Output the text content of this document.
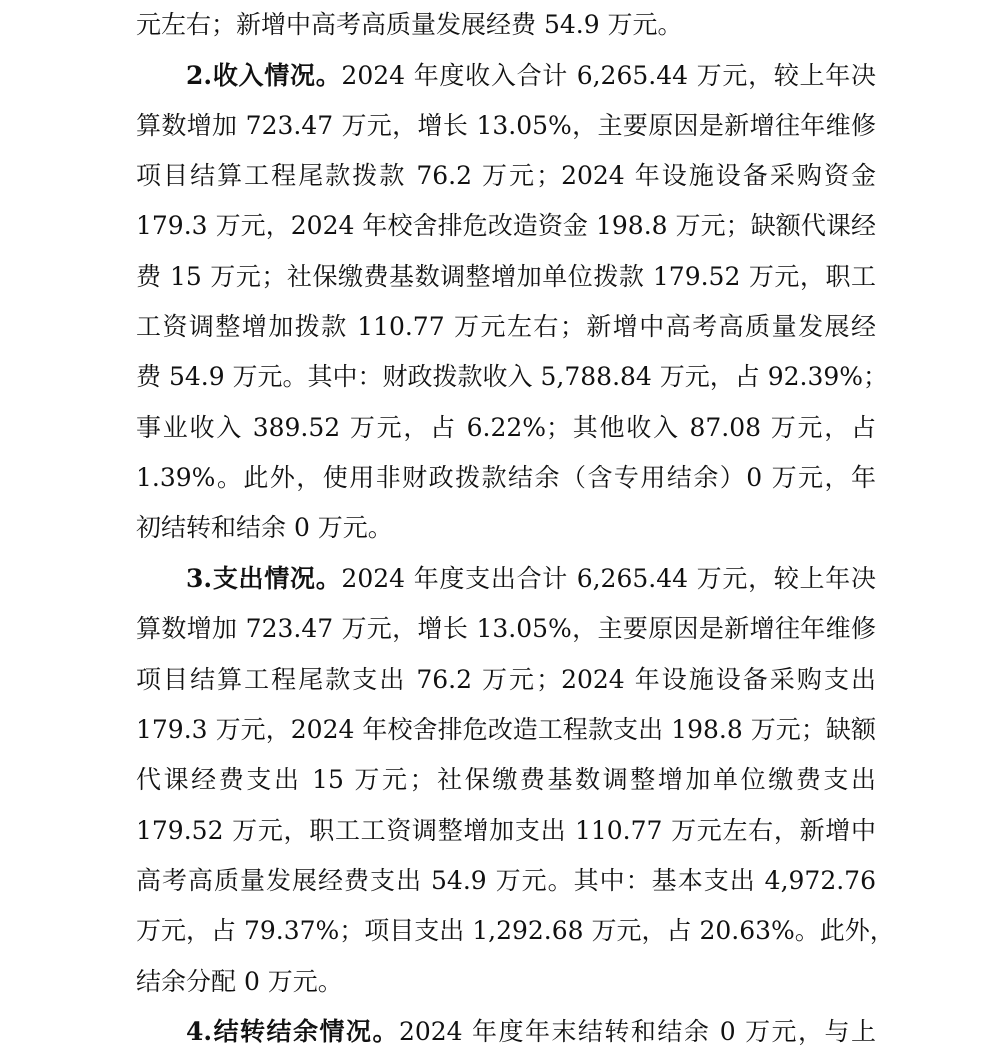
元左右；新增中高考高质量发展经费 54.9 万元。
2.收入情况。2024 年度收入合计 6,265.44 万元，较上年决
算数增加 723.47 万元，增长 13.05%，主要原因是新增往年维修
项目结算工程尾款拨款 76.2 万元；2024 年设施设备采购资金
179.3 万元，2024 年校舍排危改造资金 198.8 万元；缺额代课经
费 15 万元；社保缴费基数调整增加单位拨款 179.52 万元，职工
工资调整增加拨款 110.77 万元左右；新增中高考高质量发展经
费 54.9 万元。其中：财政拨款收入 5,788.84 万元，占 92.39%；
事业收入 389.52 万元，占 6.22%；其他收入 87.08 万元，占
1.39%。此外，使用非财政拨款结余（含专用结余）0 万元，年
初结转和结余 0 万元。
3.支出情况。2024 年度支出合计 6,265.44 万元，较上年决
算数增加 723.47 万元，增长 13.05%，主要原因是新增往年维修
项目结算工程尾款支出 76.2 万元；2024 年设施设备采购支出
179.3 万元，2024 年校舍排危改造工程款支出 198.8 万元；缺额
代课经费支出 15 万元；社保缴费基数调整增加单位缴费支出
179.52 万元，职工工资调整增加支出 110.77 万元左右，新增中
高考高质量发展经费支出 54.9 万元。其中：基本支出 4,972.76
万元，占 79.37%；项目支出 1,292.68 万元，占 20.63%。此外，
结余分配 0 万元。
4.结转结余情况。2024 年度年末结转和结余 0 万元，与上
